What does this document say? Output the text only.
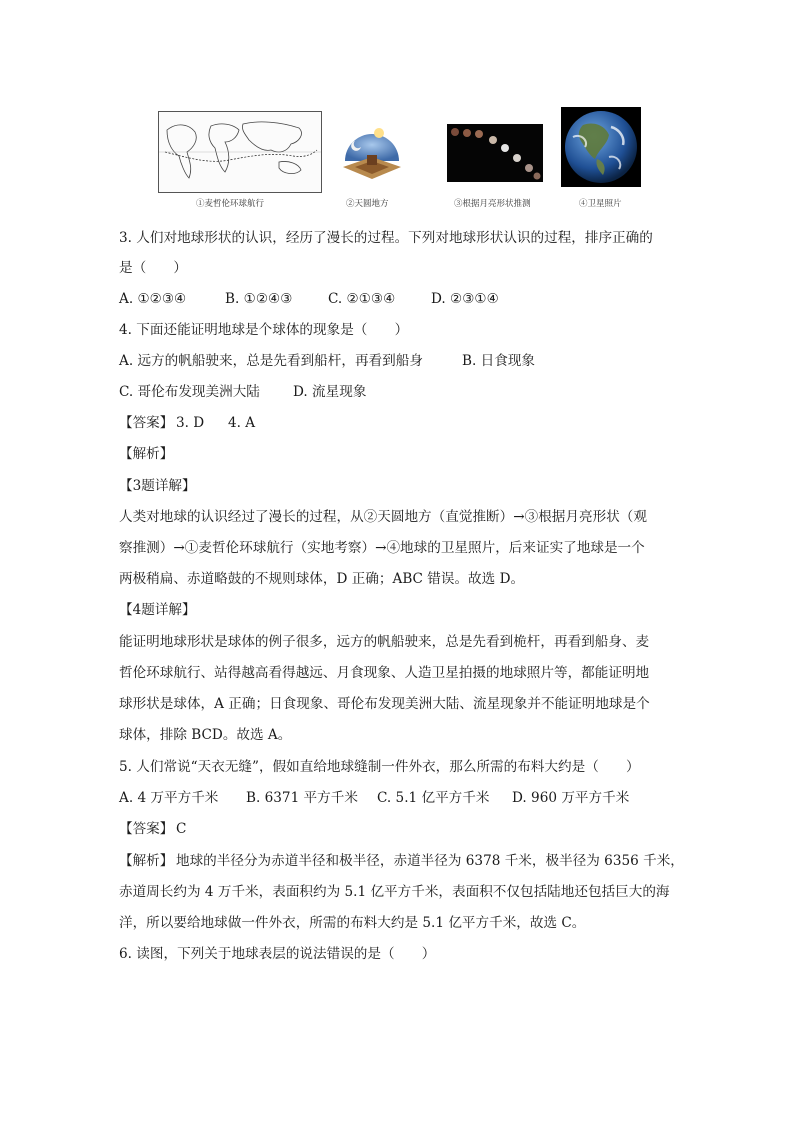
①麦哲伦环球航行	②天圆地方	③根据月亮形状推测	④卫星照片
3. 人们对地球形状的认识，经历了漫长的过程。下列对地球形状认识的过程，排序正确的
是（　　）
A. ①②③④	B. ①②④③	C. ②①③④	D. ②③①④
4. 下面还能证明地球是个球体的现象是（　　）
A. 远方的帆船驶来，总是先看到船杆，再看到船身	B. 日食现象
C. 哥伦布发现美洲大陆 D. 流星现象
【答案】 3. D 4. A
【解析】
【3题详解】
人类对地球的认识经过了漫长的过程，从②天圆地方（直觉推断）→③根据月亮形状（观
察推测）→①麦哲伦环球航行（实地考察）→④地球的卫星照片，后来证实了地球是一个
两极稍扁、赤道略鼓的不规则球体，D 正确；ABC 错误。故选 D。
【4题详解】
能证明地球形状是球体的例子很多，远方的帆船驶来，总是先看到桅杆，再看到船身、麦
哲伦环球航行、站得越高看得越远、月食现象、人造卫星拍摄的地球照片等，都能证明地
球形状是球体，A 正确；日食现象、哥伦布发现美洲大陆、流星现象并不能证明地球是个
球体，排除 BCD。故选 A。
5. 人们常说“天衣无缝”，假如直给地球缝制一件外衣，那么所需的布料大约是（　　）
A. 4 万平方千米 B. 6371 平方千米 C. 5.1 亿平方千米 D. 960 万平方千米
【答案】 C
【解析】 地球的半径分为赤道半径和极半径，赤道半径为 6378 千米，极半径为 6356 千米，
赤道周长约为 4 万千米，表面积约为 5.1 亿平方千米，表面积不仅包括陆地还包括巨大的海
洋，所以要给地球做一件外衣，所需的布料大约是 5.1 亿平方千米，故选 C。
6. 读图，下列关于地球表层的说法错误的是（　　）
